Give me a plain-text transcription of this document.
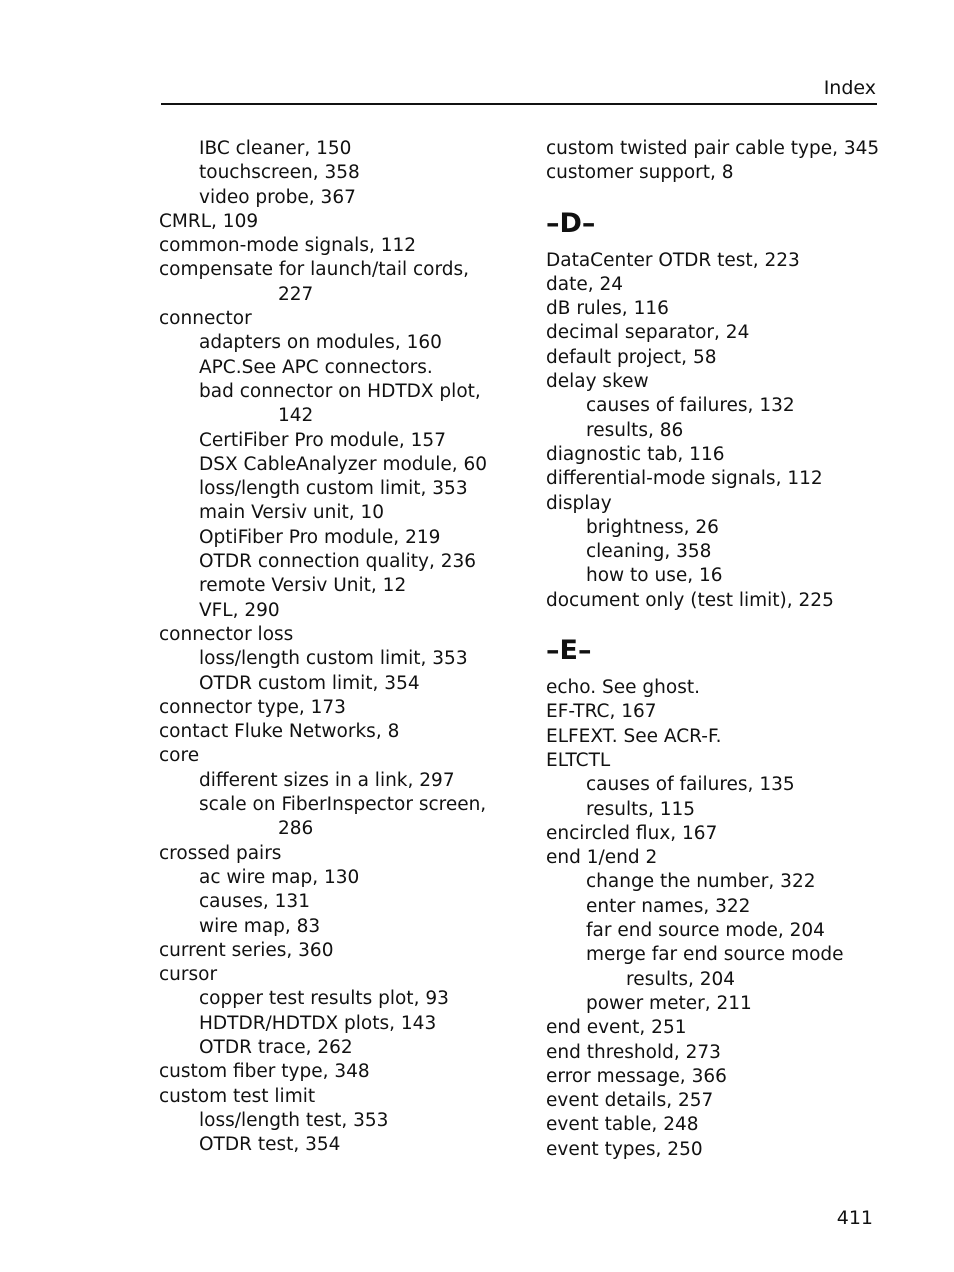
Index
IBC cleaner, 150
touchscreen, 358
video probe, 367
CMRL, 109
common-mode signals, 112
compensate for launch/tail cords,
227
connector
adapters on modules, 160
APC.See APC connectors.
bad connector on HDTDX plot,
142
CertiFiber Pro module, 157
DSX CableAnalyzer module, 60
loss/length custom limit, 353
main Versiv unit, 10
OptiFiber Pro module, 219
OTDR connection quality, 236
remote Versiv Unit, 12
VFL, 290
connector loss
loss/length custom limit, 353
OTDR custom limit, 354
connector type, 173
contact Fluke Networks, 8
core
different sizes in a link, 297
scale on FiberInspector screen,
286
crossed pairs
ac wire map, 130
causes, 131
wire map, 83
current series, 360
cursor
copper test results plot, 93
HDTDR/HDTDX plots, 143
OTDR trace, 262
custom fiber type, 348
custom test limit
loss/length test, 353
OTDR test, 354
custom twisted pair cable type, 345
customer support, 8
–D–
DataCenter OTDR test, 223
date, 24
dB rules, 116
decimal separator, 24
default project, 58
delay skew
causes of failures, 132
results, 86
diagnostic tab, 116
differential-mode signals, 112
display
brightness, 26
cleaning, 358
how to use, 16
document only (test limit), 225
–E–
echo. See ghost.
EF-TRC, 167
ELFEXT. See ACR-F.
ELTCTL
causes of failures, 135
results, 115
encircled flux, 167
end 1/end 2
change the number, 322
enter names, 322
far end source mode, 204
merge far end source mode
results, 204
power meter, 211
end event, 251
end threshold, 273
error message, 366
event details, 257
event table, 248
event types, 250
411
